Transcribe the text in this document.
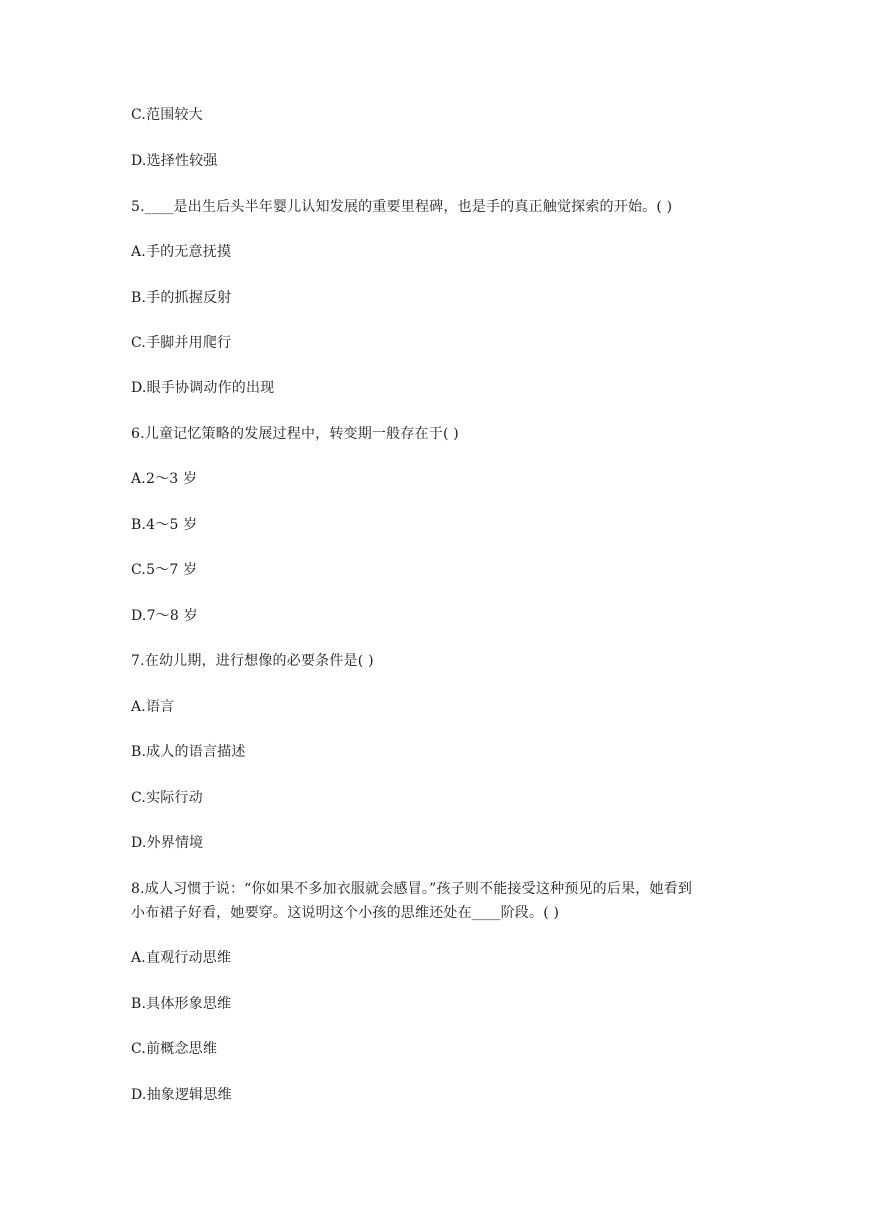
C.范围较大
D.选择性较强
5.____是出生后头半年婴儿认知发展的重要里程碑，也是手的真正触觉探索的开始。( )
A.手的无意抚摸
B.手的抓握反射
C.手脚并用爬行
D.眼手协调动作的出现
6.儿童记忆策略的发展过程中，转变期一般存在于( )
A.2～3 岁
B.4～5 岁
C.5～7 岁
D.7～8 岁
7.在幼儿期，进行想像的必要条件是( )
A.语言
B.成人的语言描述
C.实际行动
D.外界情境
8.成人习惯于说：“你如果不多加衣服就会感冒。”孩子则不能接受这种预见的后果，她看到
小布裙子好看，她要穿。这说明这个小孩的思维还处在____阶段。( )
A.直观行动思维
B.具体形象思维
C.前概念思维
D.抽象逻辑思维
